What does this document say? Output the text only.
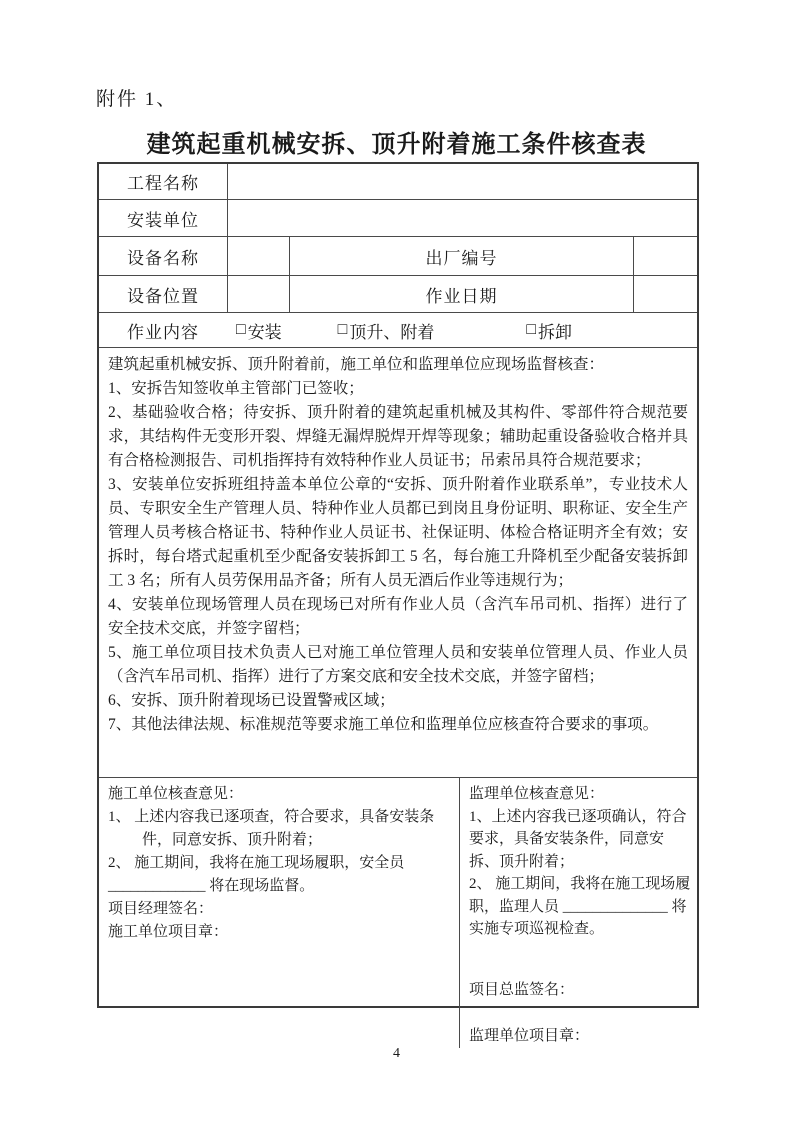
附件 1、
建筑起重机械安拆、顶升附着施工条件核查表
工程名称
安装单位
设备名称	出厂编号
设备位置	作业日期
作业内容	□ 安装	□ 顶升、附着	□ 拆卸

建筑起重机械安拆、顶升附着前，施工单位和监理单位应现场监督核查：

1、安拆告知签收单主管部门已签收；

2、基础验收合格；待安拆、顶升附着的建筑起重机械及其构件、零部件符合规范要求，其结构件无变形开裂、焊缝无漏焊脱焊开焊等现象；辅助起重设备验收合格并具有合格检测报告、司机指挥持有效特种作业人员证书；吊索吊具符合规范要求；

3、安装单位安拆班组持盖本单位公章的“安拆、顶升附着作业联系单”，专业技术人员、专职安全生产管理人员、特种作业人员都已到岗且身份证明、职称证、安全生产管理人员考核合格证书、特种作业人员证书、社保证明、体检合格证明齐全有效；安拆时，每台塔式起重机至少配备安装拆卸工 5 名，每台施工升降机至少配备安装拆卸工 3 名；所有人员劳保用品齐备；所有人员无酒后作业等违规行为；

4、安装单位现场管理人员在现场已对所有作业人员（含汽车吊司机、指挥）进行了安全技术交底，并签字留档；

5、施工单位项目技术负责人已对施工单位管理人员和安装单位管理人员、作业人员（含汽车吊司机、指挥）进行了方案交底和安全技术交底，并签字留档；

6、安拆、顶升附着现场已设置警戒区域；

7、其他法律法规、标准规范等要求施工单位和监理单位应核查符合要求的事项。

施工单位核查意见：

1、 上述内容我已逐项查，符合要求，具备安装条件，同意安拆、顶升附着；

2、 施工期间，我将在施工现场履职，安全员 _____________ 将在现场监督。

项目经理签名：

施工单位项目章：

监理单位核查意见：

1、上述内容我已逐项确认，符合要求，具备安装条件，同意安拆、顶升附着；

2、 施工期间，我将在施工现场履职，监理人员 ______________ 将实施专项巡视检查。

项目总监签名：

监理单位项目章：

4
